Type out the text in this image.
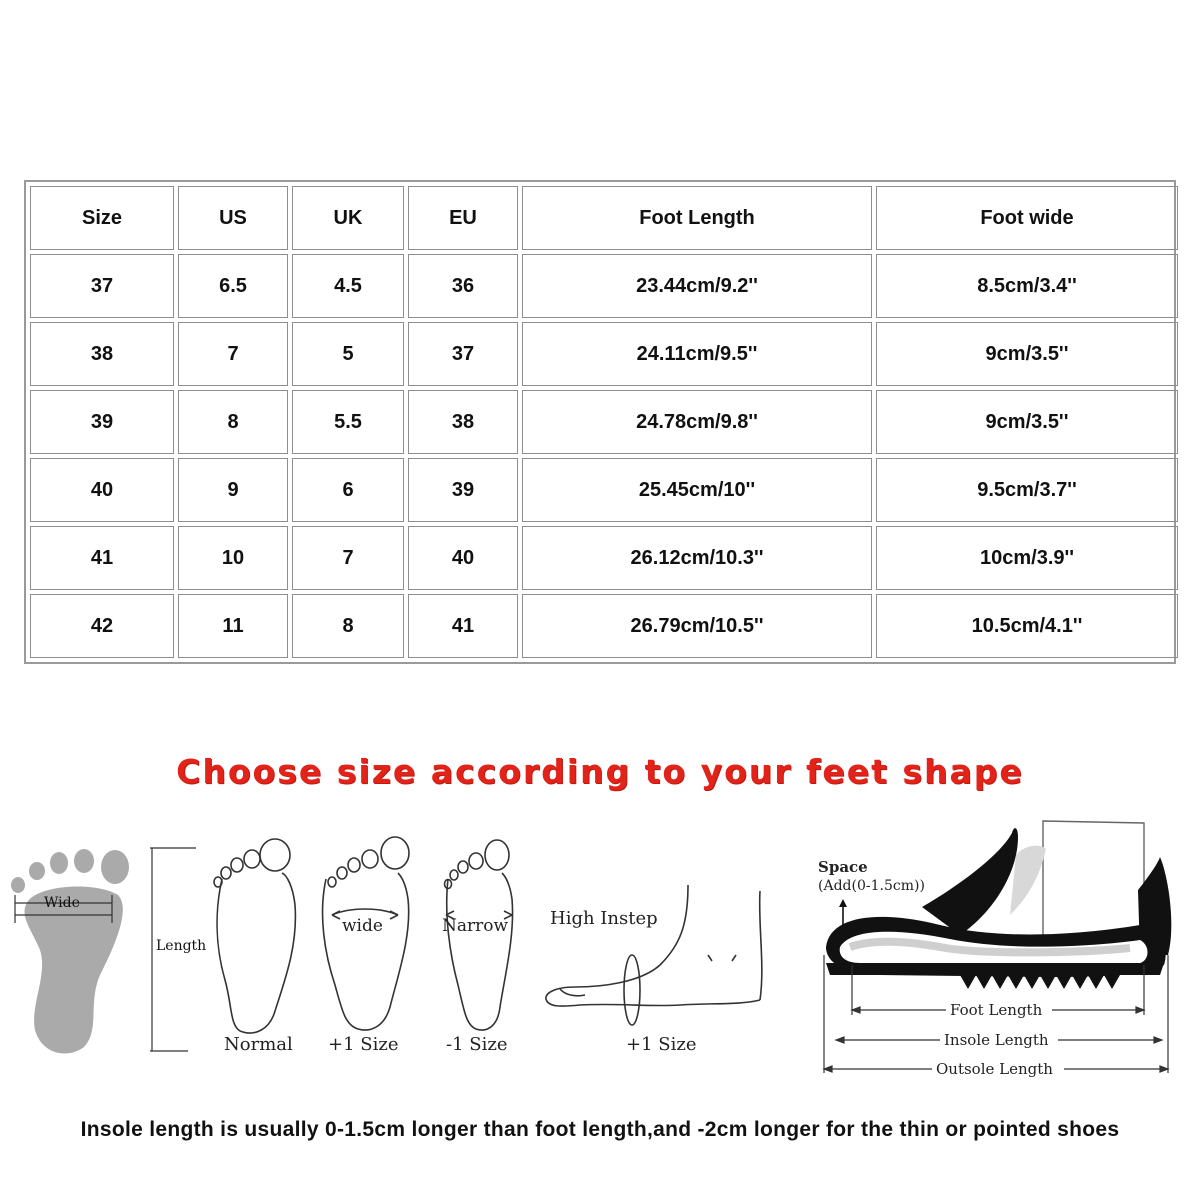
Size	US	UK	EU	Foot Length	Foot wide
37	6.5	4.5	36	23.44cm/9.2''	8.5cm/3.4''
38	7	5	37	24.11cm/9.5''	9cm/3.5''
39	8	5.5	38	24.78cm/9.8''	9cm/3.5''
40	9	6	39	25.45cm/10''	9.5cm/3.7''
41	10	7	40	26.12cm/10.3''	10cm/3.9''
42	11	8	41	26.79cm/10.5''	10.5cm/4.1''
Choose size according to your feet shape
Wide
Length
Normal
wide
+1 Size
Narrow
-1 Size
High Instep
+1 Size
Space
(Add(0-1.5cm))
Foot Length
Insole Length
Outsole Length
Insole length is usually 0-1.5cm longer than foot length,and -2cm longer for the thin or pointed shoes
